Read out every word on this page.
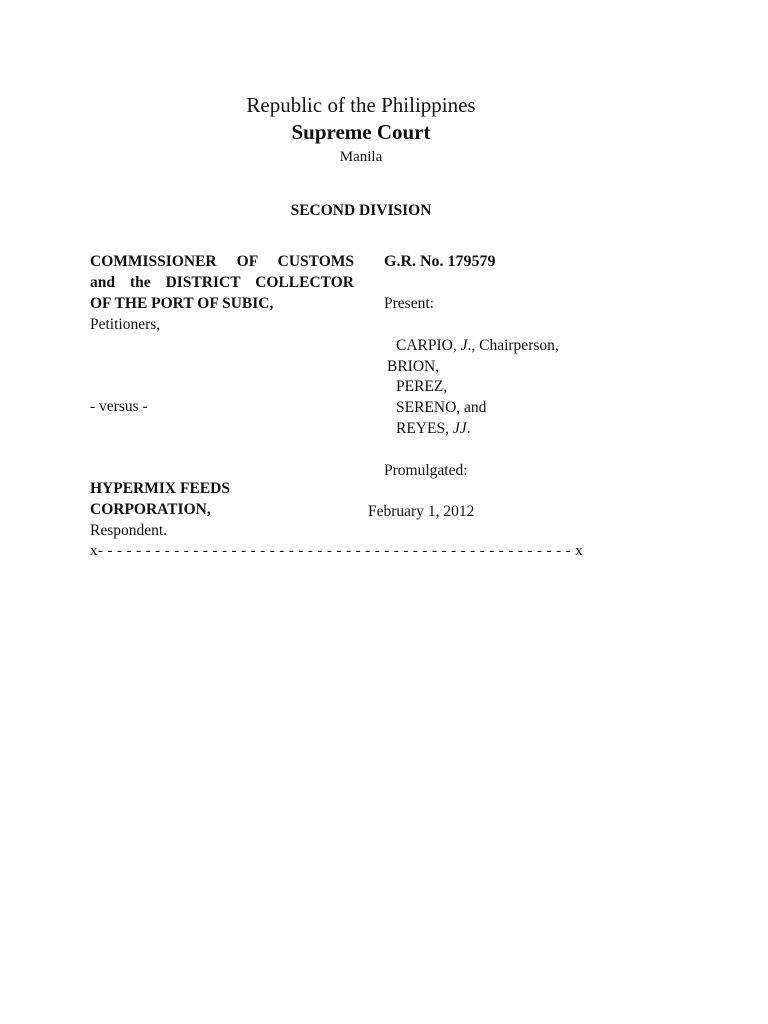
Republic of the Philippines
Supreme Court
Manila
SECOND DIVISION
COMMISSIONER OF CUSTOMS
and the DISTRICT COLLECTOR
OF THE PORT OF SUBIC,
Petitioners,
- versus -
HYPERMIX FEEDS
CORPORATION,
Respondent.
G.R. No. 179579
Present:
CARPIO, J., Chairperson,
BRION,
PEREZ,
SERENO, and
REYES, JJ.
Promulgated:
February 1, 2012
x- - - - - - - - - - - - - - - - - - - - - - - - - - - - - - - - - - - - - - - - - - - - - - - - - - x
